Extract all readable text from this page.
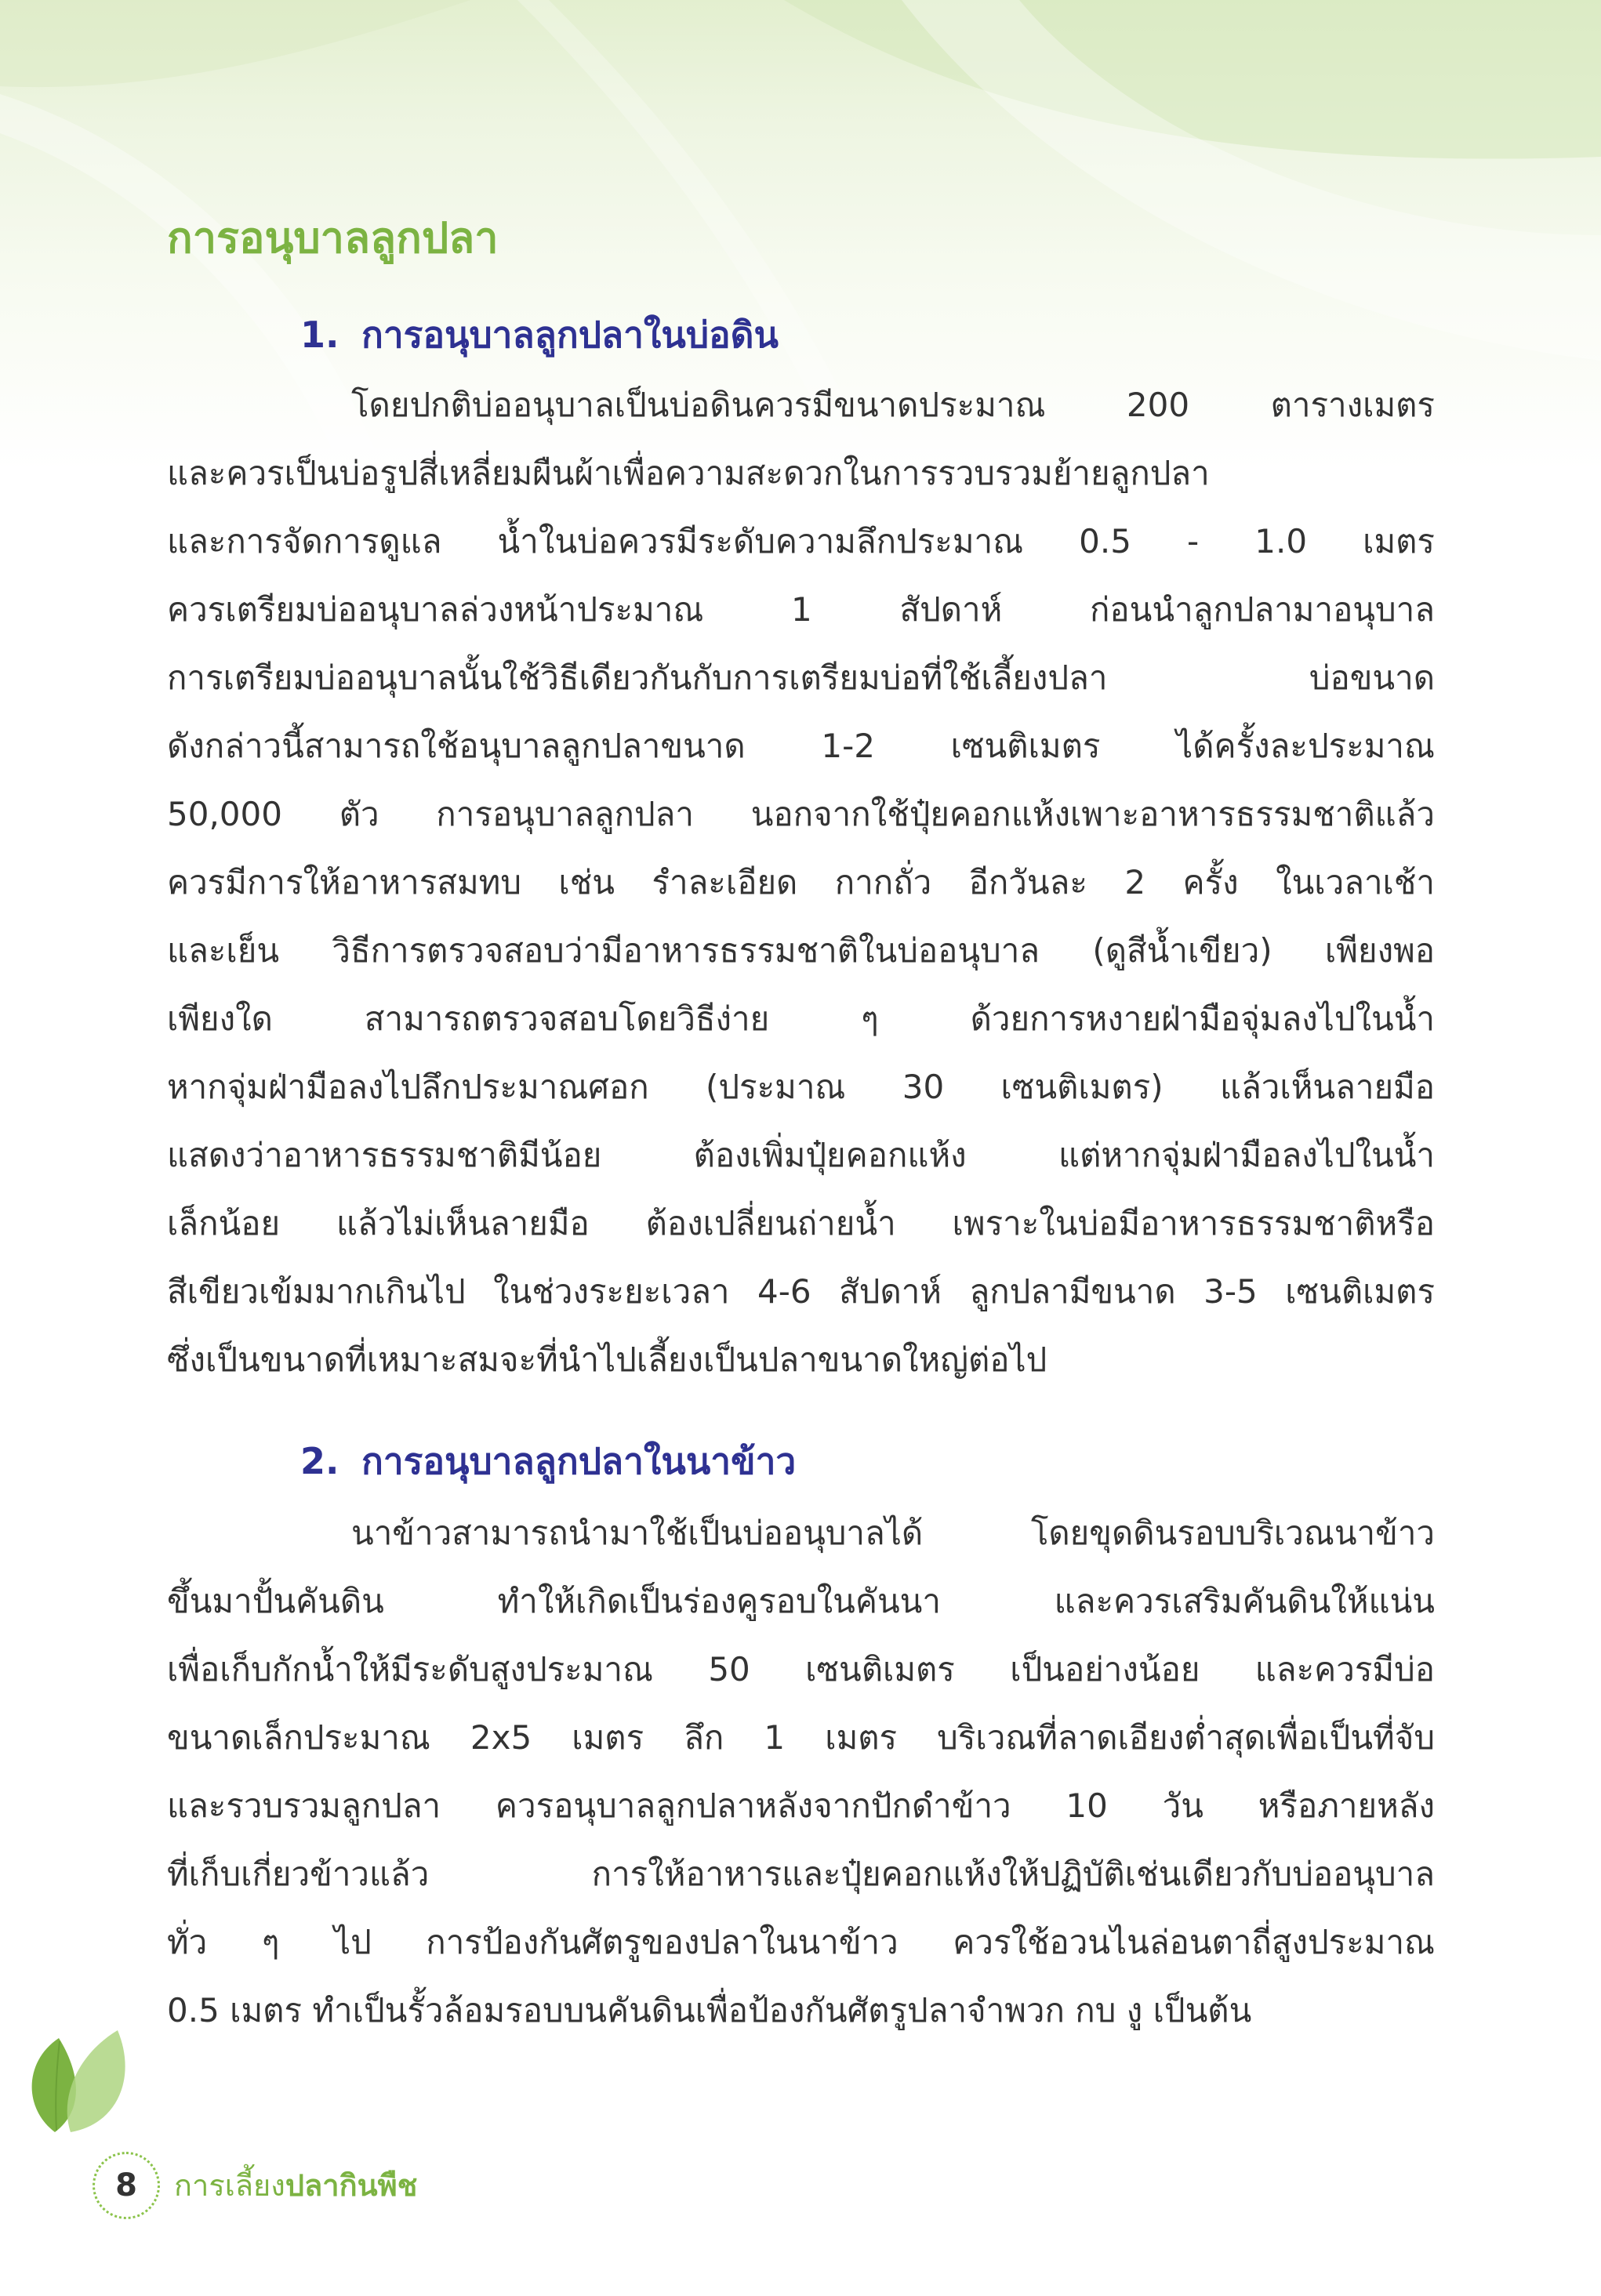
การอนุบาลลูกปลา
1. การอนุบาลลูกปลาในบ่อดิน
โดยปกติบ่ออนุบาลเป็นบ่อดินควรมีขนาดประมาณ 200 ตารางเมตร
และควรเป็นบ่อรูปสี่เหลี่ยมผืนผ้าเพื่อความสะดวกในการรวบรวมย้ายลูกปลา
และการจัดการดูแล น้ำในบ่อควรมีระดับความลึกประมาณ 0.5 - 1.0 เมตร
ควรเตรียมบ่ออนุบาลล่วงหน้าประมาณ 1 สัปดาห์ ก่อนนำลูกปลามาอนุบาล
การเตรียมบ่ออนุบาลนั้นใช้วิธีเดียวกันกับการเตรียมบ่อที่ใช้เลี้ยงปลา บ่อขนาด
ดังกล่าวนี้สามารถใช้อนุบาลลูกปลาขนาด 1-2 เซนติเมตร ได้ครั้งละประมาณ
50,000 ตัว การอนุบาลลูกปลา นอกจากใช้ปุ๋ยคอกแห้งเพาะอาหารธรรมชาติแล้ว
ควรมีการให้อาหารสมทบ เช่น รำละเอียด กากถั่ว อีกวันละ 2 ครั้ง ในเวลาเช้า
และเย็น วิธีการตรวจสอบว่ามีอาหารธรรมชาติในบ่ออนุบาล (ดูสีน้ำเขียว) เพียงพอ
เพียงใด สามารถตรวจสอบโดยวิธีง่าย ๆ ด้วยการหงายฝ่ามือจุ่มลงไปในน้ำ
หากจุ่มฝ่ามือลงไปลึกประมาณศอก (ประมาณ 30 เซนติเมตร) แล้วเห็นลายมือ
แสดงว่าอาหารธรรมชาติมีน้อย ต้องเพิ่มปุ๋ยคอกแห้ง แต่หากจุ่มฝ่ามือลงไปในน้ำ
เล็กน้อย แล้วไม่เห็นลายมือ ต้องเปลี่ยนถ่ายน้ำ เพราะในบ่อมีอาหารธรรมชาติหรือ
สีเขียวเข้มมากเกินไป ในช่วงระยะเวลา 4-6 สัปดาห์ ลูกปลามีขนาด 3-5 เซนติเมตร
ซึ่งเป็นขนาดที่เหมาะสมจะที่นำไปเลี้ยงเป็นปลาขนาดใหญ่ต่อไป
2. การอนุบาลลูกปลาในนาข้าว
นาข้าวสามารถนำมาใช้เป็นบ่ออนุบาลได้ โดยขุดดินรอบบริเวณนาข้าว
ขึ้นมาปั้นคันดิน ทำให้เกิดเป็นร่องคูรอบในคันนา และควรเสริมคันดินให้แน่น
เพื่อเก็บกักน้ำให้มีระดับสูงประมาณ 50 เซนติเมตร เป็นอย่างน้อย และควรมีบ่อ
ขนาดเล็กประมาณ 2x5 เมตร ลึก 1 เมตร บริเวณที่ลาดเอียงต่ำสุดเพื่อเป็นที่จับ
และรวบรวมลูกปลา ควรอนุบาลลูกปลาหลังจากปักดำข้าว 10 วัน หรือภายหลัง
ที่เก็บเกี่ยวข้าวแล้ว การให้อาหารและปุ๋ยคอกแห้งให้ปฏิบัติเช่นเดียวกับบ่ออนุบาล
ทั่ว ๆ ไป การป้องกันศัตรูของปลาในนาข้าว ควรใช้อวนไนล่อนตาถี่สูงประมาณ
0.5 เมตร ทำเป็นรั้วล้อมรอบบนคันดินเพื่อป้องกันศัตรูปลาจำพวก กบ งู เป็นต้น
8	การเลี้ยงปลากินพืช
